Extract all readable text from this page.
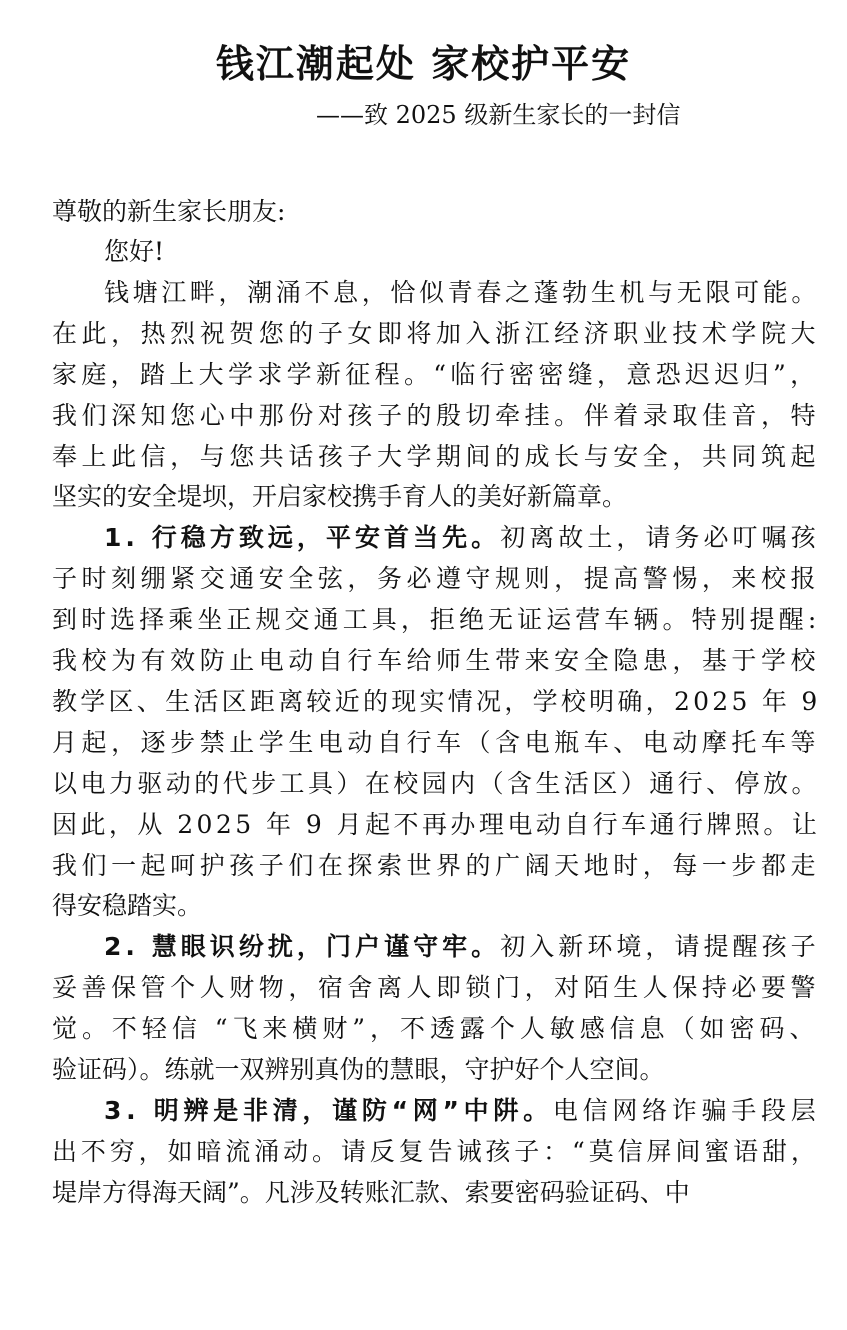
钱江潮起处 家校护平安
——致 2025 级新生家长的一封信
尊敬的新生家长朋友:
您好!
钱塘江畔，潮涌不息，恰似青春之蓬勃生机与无限可能。
在此，热烈祝贺您的子女即将加入浙江经济职业技术学院大
家庭，踏上大学求学新征程。“临行密密缝，意恐迟迟归”，
我们深知您心中那份对孩子的殷切牵挂。伴着录取佳音，特
奉上此信，与您共话孩子大学期间的成长与安全，共同筑起
坚实的安全堤坝，开启家校携手育人的美好新篇章。
1. 行稳方致远，平安首当先。初离故土，请务必叮嘱孩
子时刻绷紧交通安全弦，务必遵守规则，提高警惕，来校报
到时选择乘坐正规交通工具，拒绝无证运营车辆。特别提醒:
我校为有效防止电动自行车给师生带来安全隐患，基于学校
教学区、生活区距离较近的现实情况，学校明确，2025 年 9
月起，逐步禁止学生电动自行车（含电瓶车、电动摩托车等
以电力驱动的代步工具）在校园内（含生活区）通行、停放。
因此，从 2025 年 9 月起不再办理电动自行车通行牌照。让
我们一起呵护孩子们在探索世界的广阔天地时，每一步都走
得安稳踏实。
2. 慧眼识纷扰，门户谨守牢。初入新环境，请提醒孩子
妥善保管个人财物，宿舍离人即锁门，对陌生人保持必要警
觉。不轻信 “飞来横财”，不透露个人敏感信息（如密码、
验证码）。练就一双辨别真伪的慧眼，守护好个人空间。
3. 明辨是非清，谨防“网”中阱。电信网络诈骗手段层
出不穷，如暗流涌动。请反复告诫孩子：“莫信屏间蜜语甜，
堤岸方得海天阔”。凡涉及转账汇款、索要密码验证码、中
